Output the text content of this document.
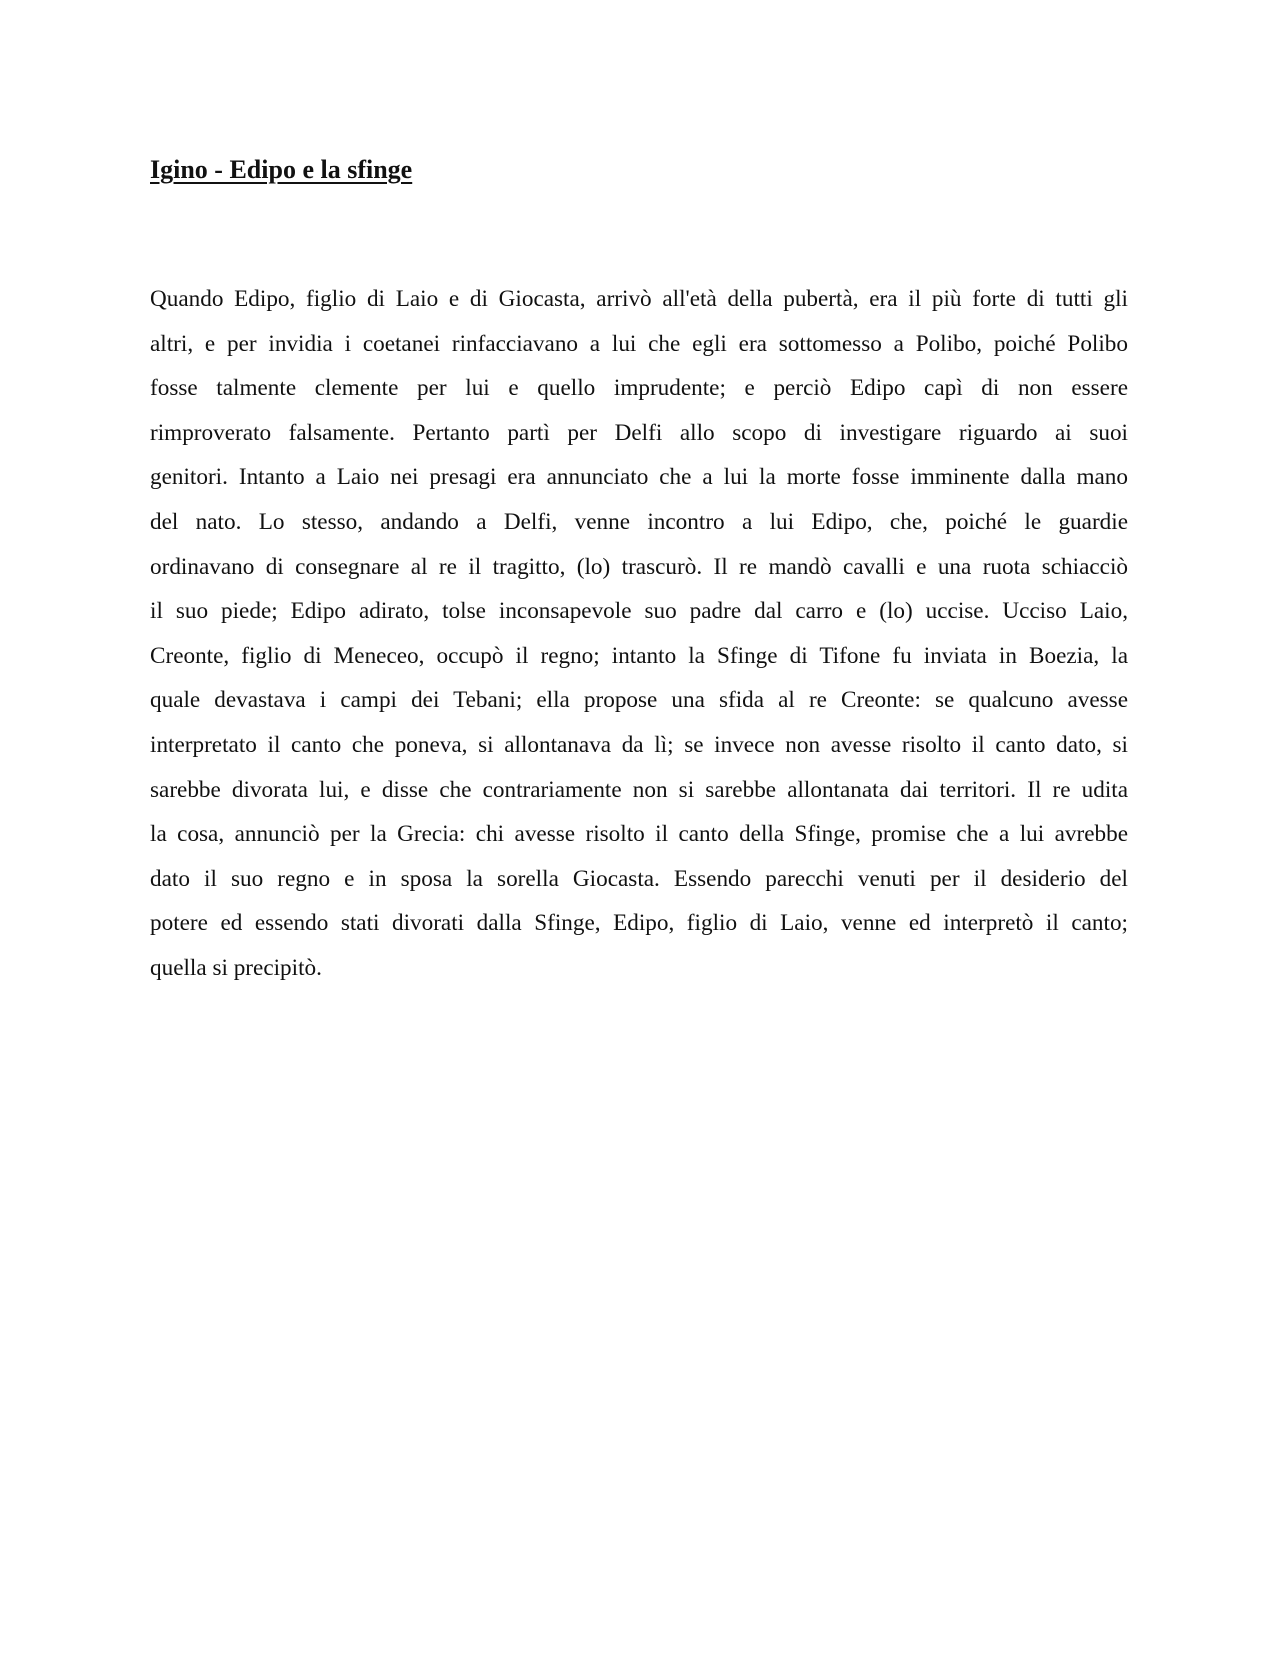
Igino - Edipo e la sfinge
Quando Edipo, figlio di Laio e di Giocasta, arrivò all'età della pubertà, era il più forte di tutti gli
altri, e per invidia i coetanei rinfacciavano a lui che egli era sottomesso a Polibo, poiché Polibo
fosse talmente clemente per lui e quello imprudente; e perciò Edipo capì di non essere
rimproverato falsamente. Pertanto partì per Delfi allo scopo di investigare riguardo ai suoi
genitori. Intanto a Laio nei presagi era annunciato che a lui la morte fosse imminente dalla mano
del nato. Lo stesso, andando a Delfi, venne incontro a lui Edipo, che, poiché le guardie
ordinavano di consegnare al re il tragitto, (lo) trascurò. Il re mandò cavalli e una ruota schiacciò
il suo piede; Edipo adirato, tolse inconsapevole suo padre dal carro e (lo) uccise. Ucciso Laio,
Creonte, figlio di Meneceo, occupò il regno; intanto la Sfinge di Tifone fu inviata in Boezia, la
quale devastava i campi dei Tebani; ella propose una sfida al re Creonte: se qualcuno avesse
interpretato il canto che poneva, si allontanava da lì; se invece non avesse risolto il canto dato, si
sarebbe divorata lui, e disse che contrariamente non si sarebbe allontanata dai territori. Il re udita
la cosa, annunciò per la Grecia: chi avesse risolto il canto della Sfinge, promise che a lui avrebbe
dato il suo regno e in sposa la sorella Giocasta. Essendo parecchi venuti per il desiderio del
potere ed essendo stati divorati dalla Sfinge, Edipo, figlio di Laio, venne ed interpretò il canto;
quella si precipitò.
